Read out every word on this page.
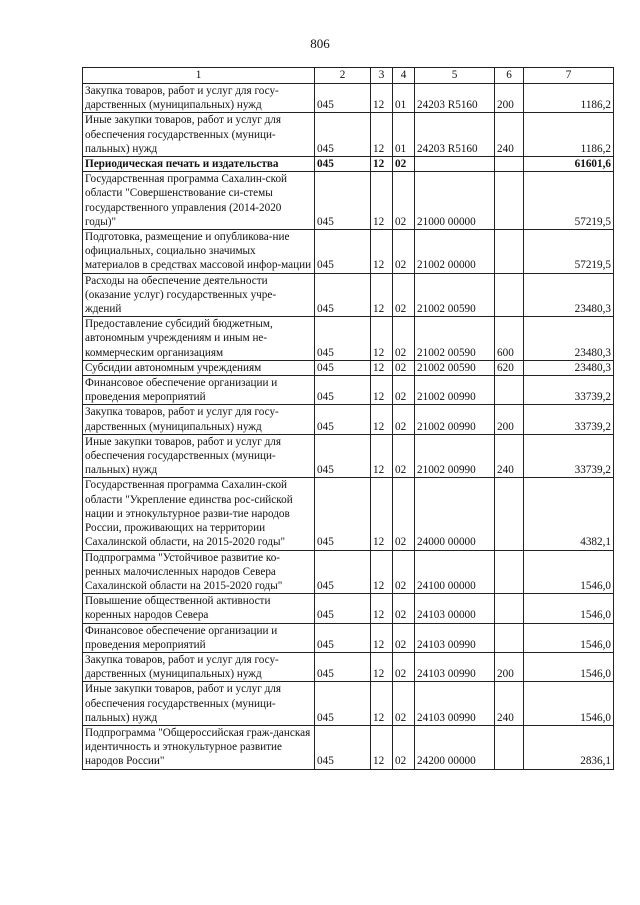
806
1	2	3	4	5	6	7
Закупка товаров, работ и услуг для госу-дарственных (муниципальных) нужд	045	12	01	24203 R5160	200	1186,2
Иные закупки товаров, работ и услуг для обеспечения государственных (муници-пальных) нужд	045	12	01	24203 R5160	240	1186,2
Периодическая печать и издательства	045	12	02			61601,6
Государственная программа Сахалин-ской области "Совершенствование си-стемы государственного управления (2014-2020 годы)"	045	12	02	21000 00000		57219,5
Подготовка, размещение и опубликова-ние официальных, социально значимых материалов в средствах массовой инфор-мации	045	12	02	21002 00000		57219,5
Расходы на обеспечение деятельности (оказание услуг) государственных учре-ждений	045	12	02	21002 00590		23480,3
Предоставление субсидий бюджетным, автономным учреждениям и иным не-коммерческим организациям	045	12	02	21002 00590	600	23480,3
Субсидии автономным учреждениям	045	12	02	21002 00590	620	23480,3
Финансовое обеспечение организации и проведения мероприятий	045	12	02	21002 00990		33739,2
Закупка товаров, работ и услуг для госу-дарственных (муниципальных) нужд	045	12	02	21002 00990	200	33739,2
Иные закупки товаров, работ и услуг для обеспечения государственных (муници-пальных) нужд	045	12	02	21002 00990	240	33739,2
Государственная программа Сахалин-ской области "Укрепление единства рос-сийской нации и этнокультурное разви-тие народов России, проживающих на территории Сахалинской области, на 2015-2020 годы"	045	12	02	24000 00000		4382,1
Подпрограмма "Устойчивое развитие ко-ренных малочисленных народов Севера Сахалинской области на 2015-2020 годы"	045	12	02	24100 00000		1546,0
Повышение общественной активности коренных народов Севера	045	12	02	24103 00000		1546,0
Финансовое обеспечение организации и проведения мероприятий	045	12	02	24103 00990		1546,0
Закупка товаров, работ и услуг для госу-дарственных (муниципальных) нужд	045	12	02	24103 00990	200	1546,0
Иные закупки товаров, работ и услуг для обеспечения государственных (муници-пальных) нужд	045	12	02	24103 00990	240	1546,0
Подпрограмма "Общероссийская граж-данская идентичность и этнокультурное развитие народов России"	045	12	02	24200 00000		2836,1
